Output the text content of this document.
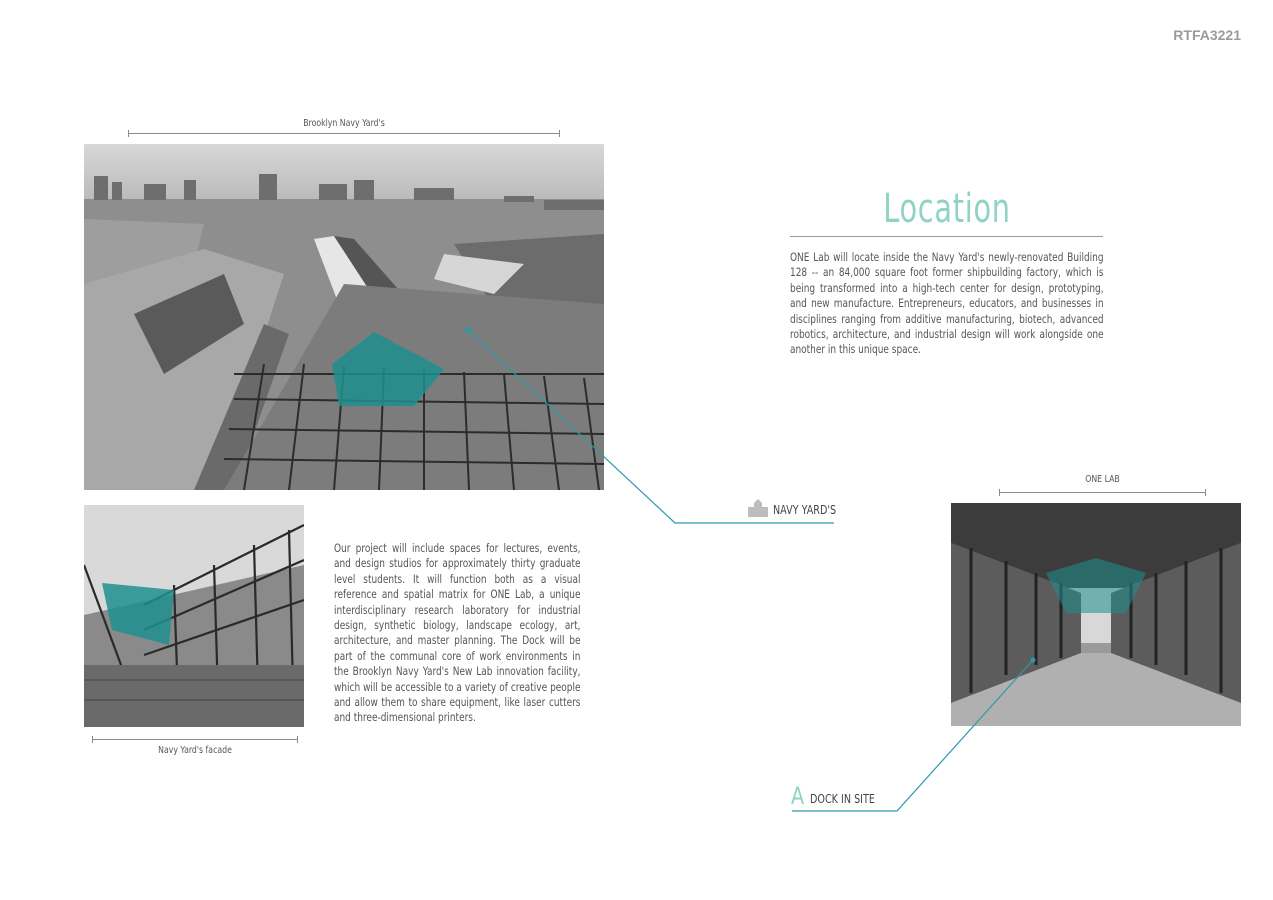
RTFA3221
Brooklyn Navy Yard's
NAVY YARD'S
Navy Yard's facade
Our project will include spaces for lectures, events, and design studios for approximately thirty graduate level students. It will function both as a visual reference and spatial matrix for ONE Lab, a unique interdisciplinary research laboratory for industrial design, synthetic biology, landscape ecology, art, architecture, and master planning. The Dock will be part of the communal core of work environments in the Brooklyn Navy Yard's New Lab innovation facility, which will be accessible to a variety of creative people and allow them to share equipment, like laser cutters and three-dimensional printers.
Location
ONE Lab will locate inside the Navy Yard's newly-renovated Building 128 -- an 84,000 square foot former shipbuilding factory, which is being transformed into a high-tech center for design, prototyping, and new manufacture. Entrepreneurs, educators, and businesses in disciplines ranging from additive manufacturing, biotech, advanced robotics, architecture, and industrial design will work alongside one another in this unique space.
ONE LAB
A DOCK IN SITE
